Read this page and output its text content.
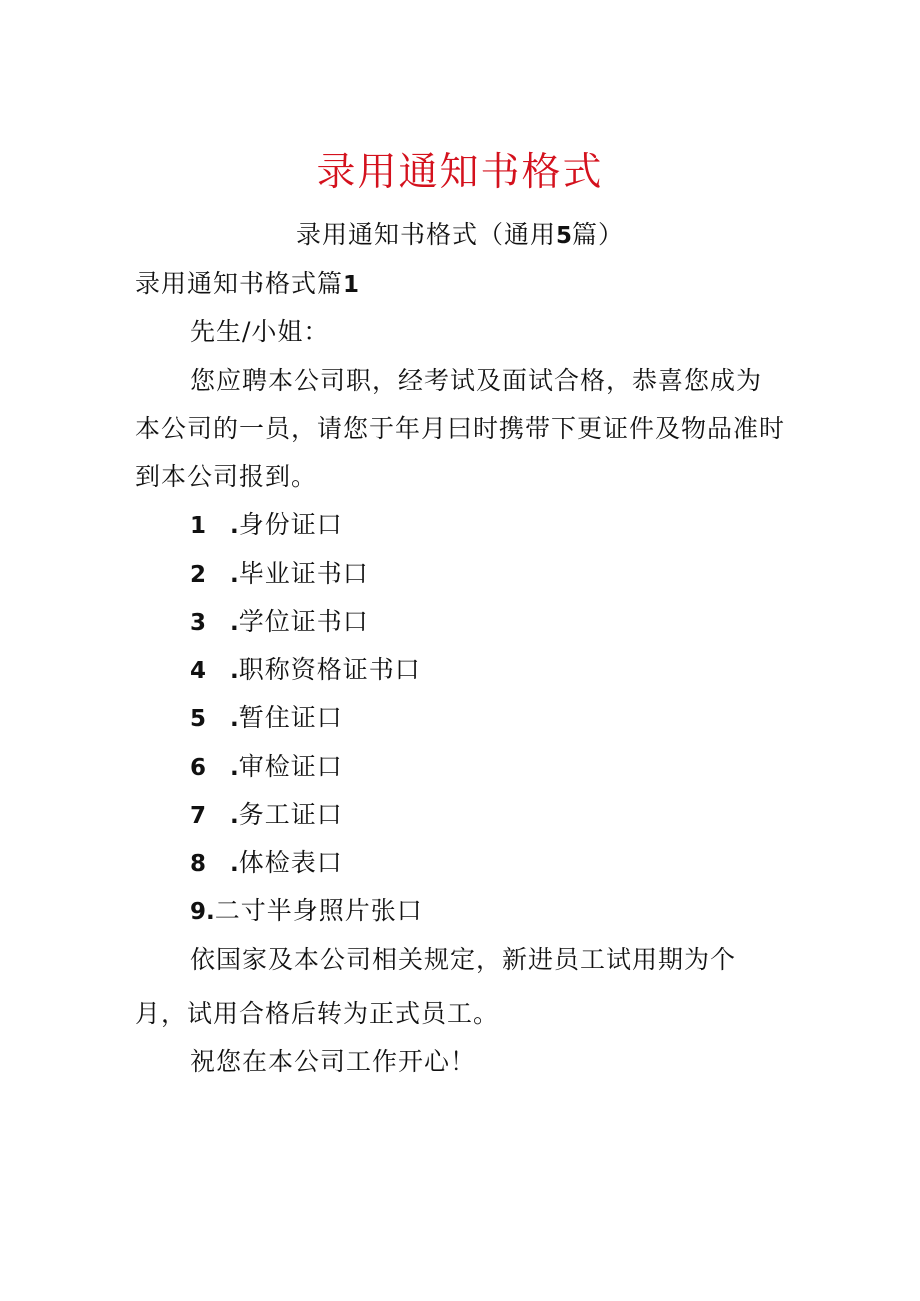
录用通知书格式
录用通知书格式（通用5篇）
录用通知书格式篇1
先生/小姐：
您应聘本公司职，经考试及面试合格，恭喜您成为
本公司的一员，请您于年月曰时携带下更证件及物品准时
到本公司报到。
1 .身份证口
2 .毕业证书口
3 .学位证书口
4 .职称资格证书口
5 .暂住证口
6 .审检证口
7 .务工证口
8 .体检表口
9.二寸半身照片张口
依国家及本公司相关规定，新进员工试用期为个
月，试用合格后转为正式员工。
祝您在本公司工作开心！
